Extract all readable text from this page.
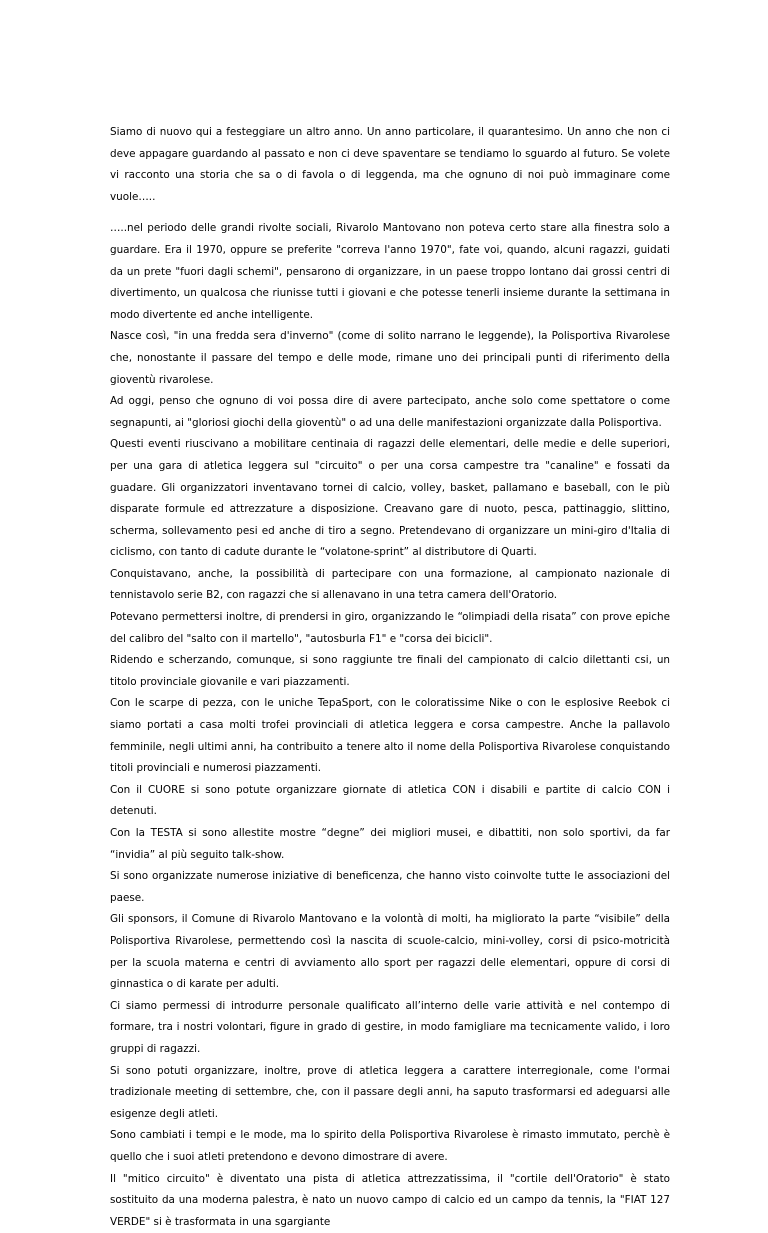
Siamo di nuovo qui a festeggiare un altro anno. Un anno particolare, il quarantesimo. Un anno che non ci deve appagare guardando al passato e non ci deve spaventare se tendiamo lo sguardo al futuro. Se volete vi racconto una storia che sa o di favola o di leggenda, ma che ognuno di noi può immaginare come vuole…..

…..nel periodo delle grandi rivolte sociali, Rivarolo Mantovano non poteva certo stare alla finestra solo a guardare. Era il 1970, oppure se preferite "correva l'anno 1970", fate voi, quando, alcuni ragazzi, guidati da un prete "fuori dagli schemi", pensarono di organizzare, in un paese troppo lontano dai grossi centri di divertimento, un qualcosa che riunisse tutti i giovani e che potesse tenerli insieme durante la settimana in modo divertente ed anche intelligente.

Nasce così, "in una fredda sera d'inverno" (come di solito narrano le leggende), la Polisportiva Rivarolese che, nonostante il passare del tempo e delle mode, rimane uno dei principali punti di riferimento della gioventù rivarolese.

Ad oggi, penso che ognuno di voi possa dire di avere partecipato, anche solo come spettatore o come segnapunti, ai "gloriosi giochi della gioventù" o ad una delle manifestazioni organizzate dalla Polisportiva.

Questi eventi riuscivano a mobilitare centinaia di ragazzi delle elementari, delle medie e delle superiori, per una gara di atletica leggera sul "circuito" o per una corsa campestre tra "canaline" e fossati da guadare. Gli organizzatori inventavano tornei di calcio, volley, basket, pallamano e baseball, con le più disparate formule ed attrezzature a disposizione. Creavano gare di nuoto, pesca, pattinaggio, slittino, scherma, sollevamento pesi ed anche di tiro a segno. Pretendevano di organizzare un mini-giro d'Italia di ciclismo, con tanto di cadute durante le “volatone-sprint” al distributore di Quarti.

Conquistavano, anche, la possibilità di partecipare con una formazione, al campionato nazionale di tennistavolo serie B2, con ragazzi che si allenavano in una tetra camera dell'Oratorio.

Potevano permettersi inoltre, di prendersi in giro, organizzando le “olimpiadi della risata” con prove epiche del calibro del "salto con il martello", "autosburla F1" e "corsa dei bicicli".

Ridendo e scherzando, comunque, si sono raggiunte tre finali del campionato di calcio dilettanti csi, un titolo provinciale giovanile e vari piazzamenti.

Con le scarpe di pezza, con le uniche TepaSport, con le coloratissime Nike o con le esplosive Reebok ci siamo portati a casa molti trofei provinciali di atletica leggera e corsa campestre. Anche la pallavolo femminile, negli ultimi anni, ha contribuito a tenere alto il nome della Polisportiva Rivarolese conquistando titoli provinciali e numerosi piazzamenti.

Con il CUORE si sono potute organizzare giornate di atletica CON i disabili e partite di calcio CON i detenuti.

Con la TESTA si sono allestite mostre “degne” dei migliori musei, e dibattiti, non solo sportivi, da far “invidia” al più seguito talk-show.

Si sono organizzate numerose iniziative di beneficenza, che hanno visto coinvolte tutte le associazioni del paese.

Gli sponsors, il Comune di Rivarolo Mantovano e la volontà di molti, ha migliorato la parte “visibile” della Polisportiva Rivarolese, permettendo così la nascita di scuole-calcio, mini-volley, corsi di psico-motricità per la scuola materna e centri di avviamento allo sport per ragazzi delle elementari, oppure di corsi di ginnastica o di karate per adulti.

Ci siamo permessi di introdurre personale qualificato all’interno delle varie attività e nel contempo di formare, tra i nostri volontari, figure in grado di gestire, in modo famigliare ma tecnicamente valido, i loro gruppi di ragazzi.

Si sono potuti organizzare, inoltre, prove di atletica leggera a carattere interregionale, come l'ormai tradizionale meeting di settembre, che, con il passare degli anni, ha saputo trasformarsi ed adeguarsi alle esigenze degli atleti.

Sono cambiati i tempi e le mode, ma lo spirito della Polisportiva Rivarolese è rimasto immutato, perchè è quello che i suoi atleti pretendono e devono dimostrare di avere.

Il "mitico circuito" è diventato una pista di atletica attrezzatissima, il "cortile dell'Oratorio" è stato sostituito da una moderna palestra, è nato un nuovo campo di calcio ed un campo da tennis, la "FIAT 127 VERDE" si è trasformata in una sgargiante
